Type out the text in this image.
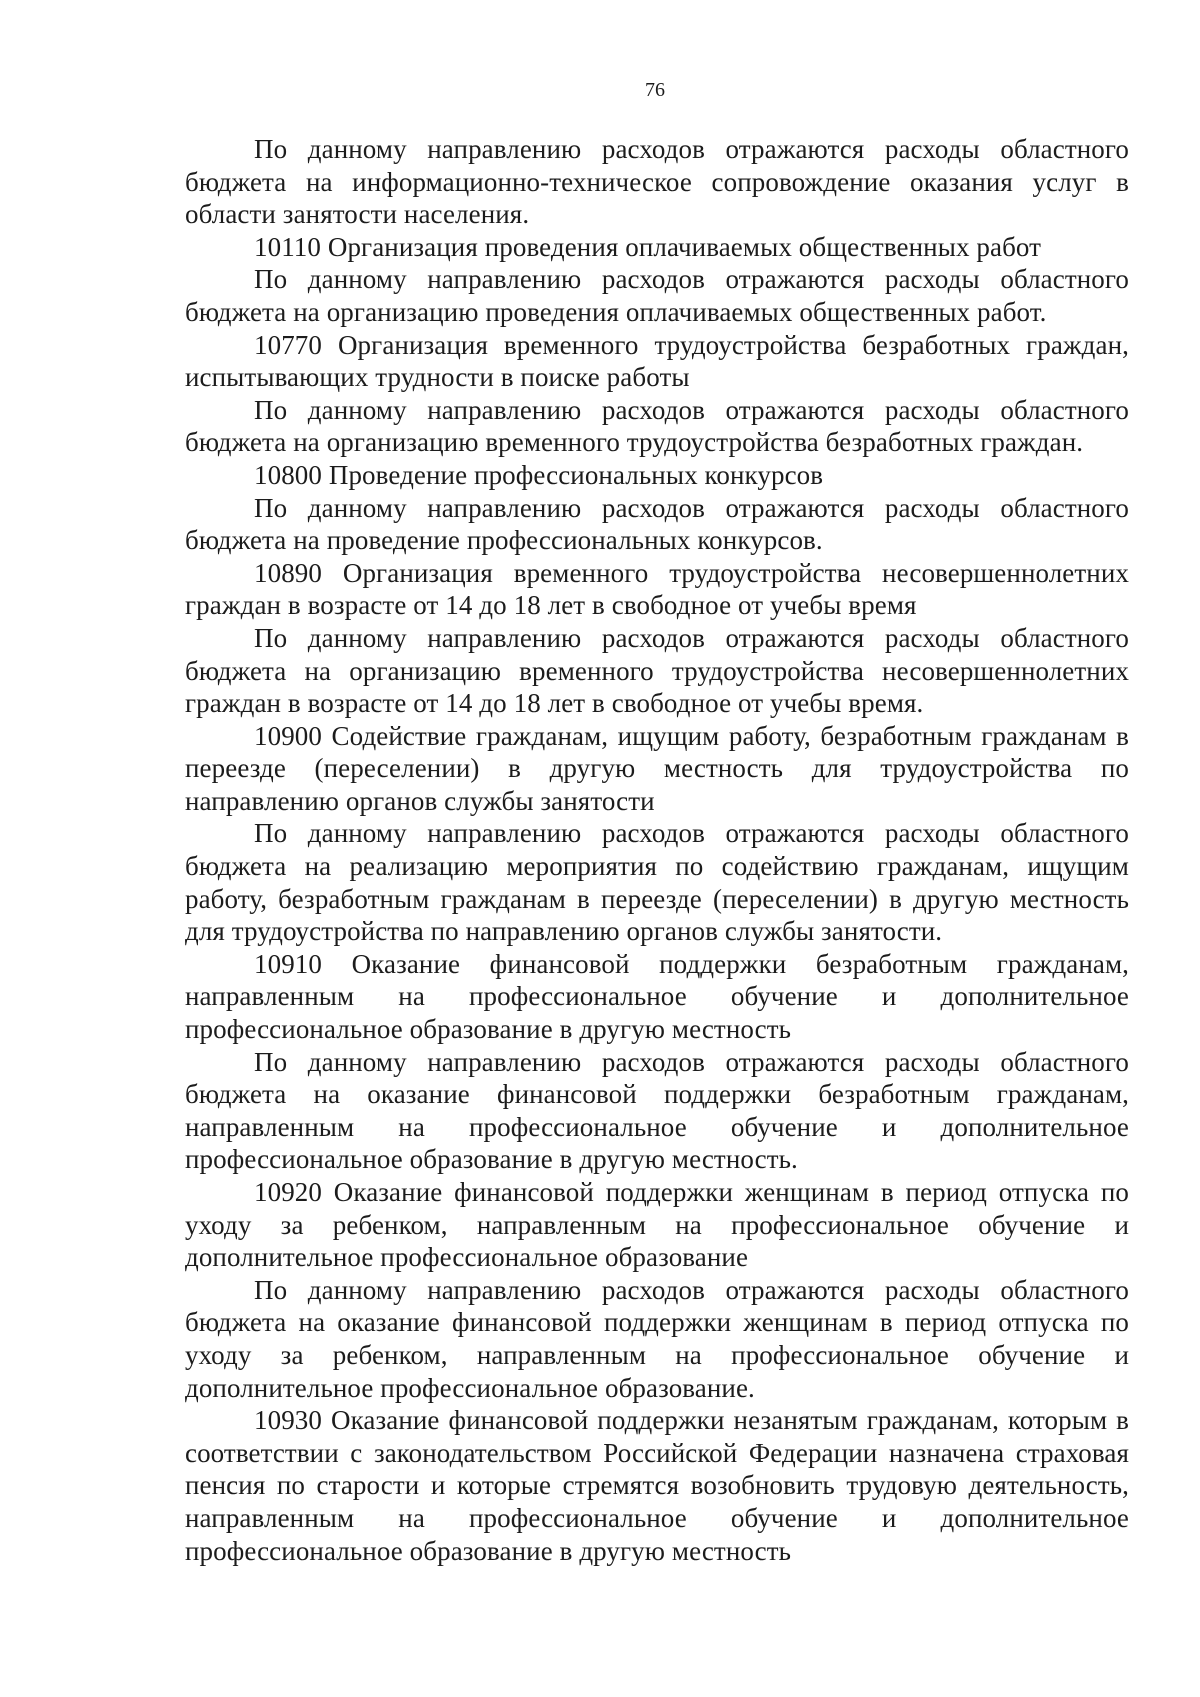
76

По данному направлению расходов отражаются расходы областного бюджета на информационно-техническое сопровождение оказания услуг в области занятости населения.

10110 Организация проведения оплачиваемых общественных работ

По данному направлению расходов отражаются расходы областного бюджета на организацию проведения оплачиваемых общественных работ.

10770 Организация временного трудоустройства безработных граждан, испытывающих трудности в поиске работы

По данному направлению расходов отражаются расходы областного бюджета на организацию временного трудоустройства безработных граждан.

10800 Проведение профессиональных конкурсов

По данному направлению расходов отражаются расходы областного бюджета на проведение профессиональных конкурсов.

10890 Организация временного трудоустройства несовершеннолетних граждан в возрасте от 14 до 18 лет в свободное от учебы время

По данному направлению расходов отражаются расходы областного бюджета на организацию временного трудоустройства несовершеннолетних граждан в возрасте от 14 до 18 лет в свободное от учебы время.

10900 Содействие гражданам, ищущим работу, безработным гражданам в переезде (переселении) в другую местность для трудоустройства по направлению органов службы занятости

По данному направлению расходов отражаются расходы областного бюджета на реализацию мероприятия по содействию гражданам, ищущим работу, безработным гражданам в переезде (переселении) в другую местность для трудоустройства по направлению органов службы занятости.

10910 Оказание финансовой поддержки безработным гражданам, направленным на профессиональное обучение и дополнительное профессиональное образование в другую местность

По данному направлению расходов отражаются расходы областного бюджета на оказание финансовой поддержки безработным гражданам, направленным на профессиональное обучение и дополнительное профессиональное образование в другую местность.

10920 Оказание финансовой поддержки женщинам в период отпуска по уходу за ребенком, направленным на профессиональное обучение и дополнительное профессиональное образование

По данному направлению расходов отражаются расходы областного бюджета на оказание финансовой поддержки женщинам в период отпуска по уходу за ребенком, направленным на профессиональное обучение и дополнительное профессиональное образование.

10930 Оказание финансовой поддержки незанятым гражданам, которым в соответствии с законодательством Российской Федерации назначена страховая пенсия по старости и которые стремятся возобновить трудовую деятельность, направленным на профессиональное обучение и дополнительное профессиональное образование в другую местность
